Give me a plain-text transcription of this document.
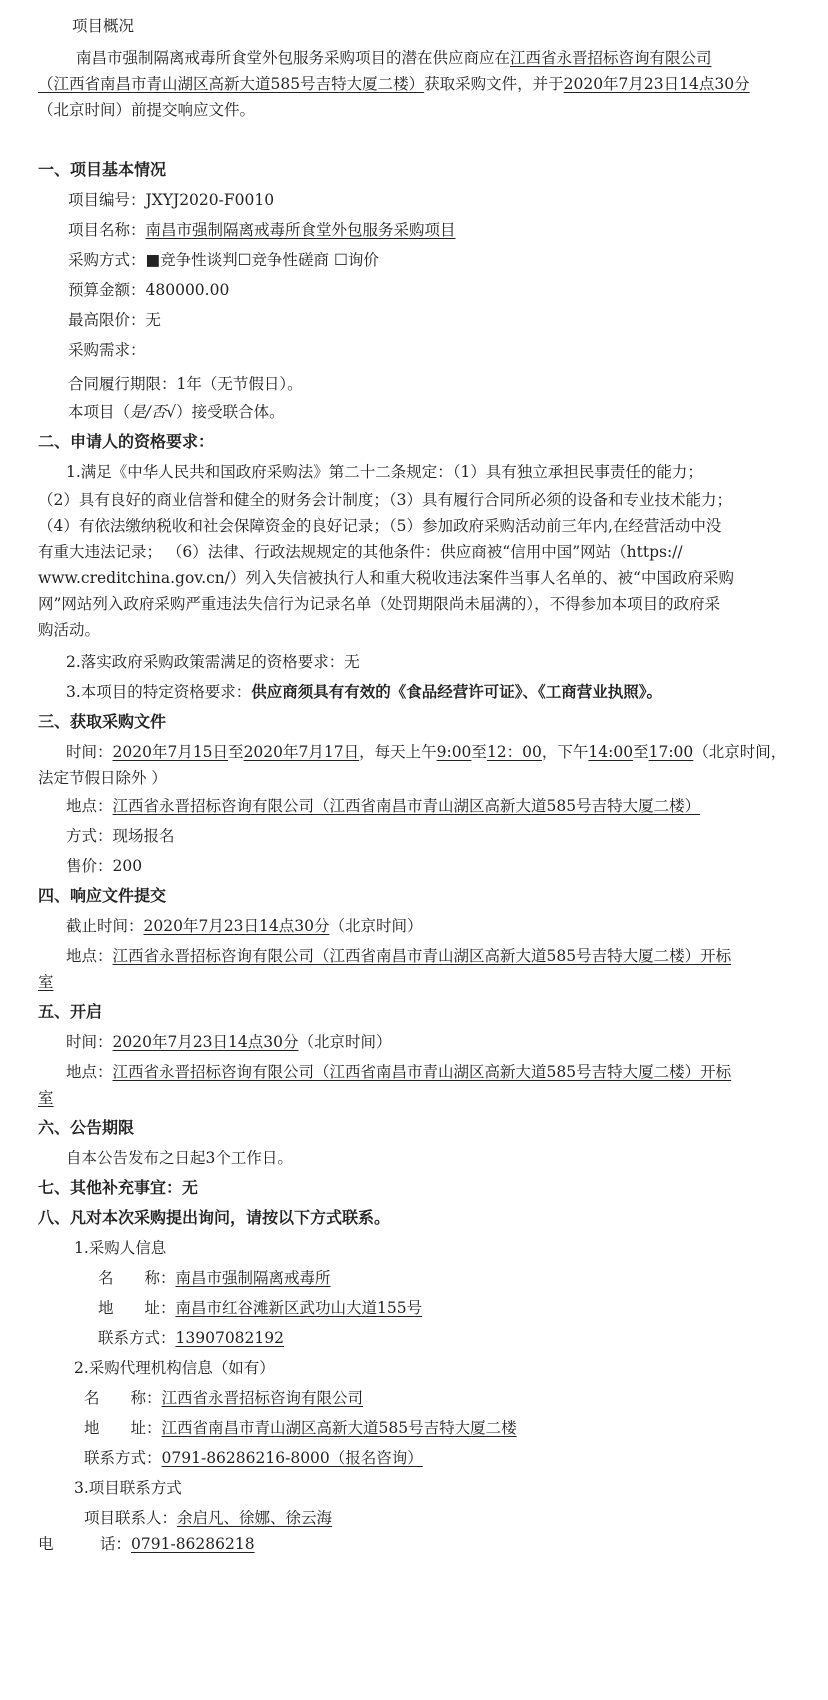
项目概况
南昌市强制隔离戒毒所食堂外包服务采购项目的潜在供应商应在江西省永晋招标咨询有限公司
（江西省南昌市青山湖区高新大道585号吉特大厦二楼）获取采购文件，并于2020年7月23日14点30分
（北京时间）前提交响应文件。
一、项目基本情况
项目编号：JXYJ2020-F0010
项目名称：南昌市强制隔离戒毒所食堂外包服务采购项目
采购方式：■竞争性谈判☐竞争性磋商 ☐询价
预算金额：480000.00
最高限价：无
采购需求：
合同履行期限：1年（无节假日）。
本项目（是/否√）接受联合体。
二、申请人的资格要求：
1.满足《中华人民共和国政府采购法》第二十二条规定：（1）具有独立承担民事责任的能力；
（2）具有良好的商业信誉和健全的财务会计制度；（3）具有履行合同所必须的设备和专业技术能力；
（4）有依法缴纳税收和社会保障资金的良好记录；（5）参加政府采购活动前三年内,在经营活动中没
有重大违法记录； （6）法律、行政法规规定的其他条件：供应商被“信用中国”网站（https://
www.creditchina.gov.cn/）列入失信被执行人和重大税收违法案件当事人名单的、被“中国政府采购
网”网站列入政府采购严重违法失信行为记录名单（处罚期限尚未届满的），不得参加本项目的政府采
购活动。
2.落实政府采购政策需满足的资格要求：无
3.本项目的特定资格要求：供应商须具有有效的《食品经营许可证》、《工商营业执照》。
三、获取采购文件
时间：2020年7月15日至2020年7月17日，每天上午9:00至12：00，下午14:00至17:00（北京时间，
法定节假日除外 ）
地点：江西省永晋招标咨询有限公司（江西省南昌市青山湖区高新大道585号吉特大厦二楼）
方式：现场报名
售价：200
四、响应文件提交
截止时间：2020年7月23日14点30分（北京时间）
地点：江西省永晋招标咨询有限公司（江西省南昌市青山湖区高新大道585号吉特大厦二楼）开标
室
五、开启
时间：2020年7月23日14点30分（北京时间）
地点：江西省永晋招标咨询有限公司（江西省南昌市青山湖区高新大道585号吉特大厦二楼）开标
室
六、公告期限
自本公告发布之日起3个工作日。
七、其他补充事宜：无
八、凡对本次采购提出询问，请按以下方式联系。
1.采购人信息
名　　称：南昌市强制隔离戒毒所
地　　址：南昌市红谷滩新区武功山大道155号
联系方式：13907082192
2.采购代理机构信息（如有）
名　　称：江西省永晋招标咨询有限公司
地　　址：江西省南昌市青山湖区高新大道585号吉特大厦二楼
联系方式：0791-86286216-8000（报名咨询）
3.项目联系方式
项目联系人：余启凡、徐娜、徐云海
电　　　话：0791-86286218
